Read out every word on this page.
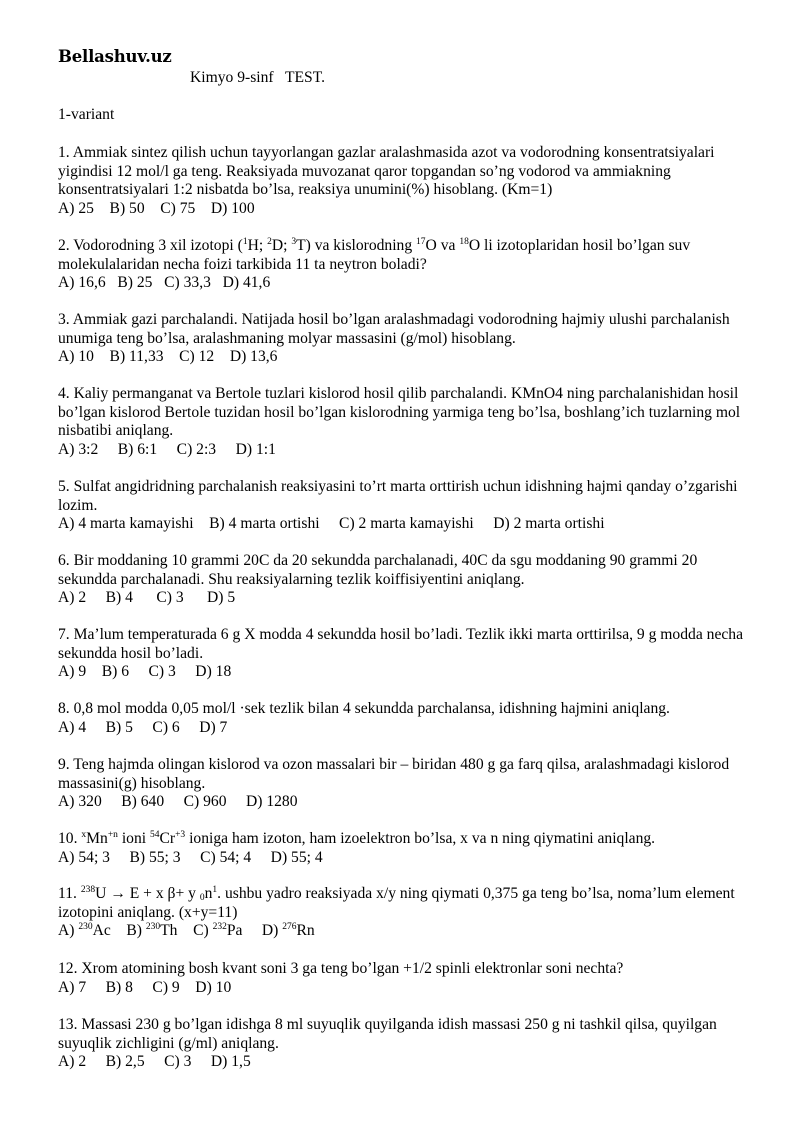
Bellashuv.uz
Kimyo 9-sinf   TEST.
1-variant

1. Ammiak sintez qilish uchun tayyorlangan gazlar aralashmasida azot va vodorodning konsentratsiyalari yigindisi 12 mol/l ga teng. Reaksiyada muvozanat qaror topgandan so’ng vodorod va ammiakning konsentratsiyalari 1:2 nisbatda bo’lsa, reaksiya unumini(%) hisoblang. (Km=1)

A) 25    B) 50    C) 75    D) 100

2. Vodorodning 3 xil izotopi ($^1$H; $^2$D; $^3$T) va kislorodning $^{17}$O va $^{18}$O li izotoplaridan hosil bo’lgan suv molekulalaridan necha foizi tarkibida 11 ta neytron boladi?

A) 16,6   B) 25   C) 33,3   D) 41,6

3. Ammiak gazi parchalandi. Natijada hosil bo’lgan aralashmadagi vodorodning hajmiy ulushi parchalanish unumiga teng bo’lsa, aralashmaning molyar massasini (g/mol) hisoblang.

A) 10    B) 11,33    C) 12    D) 13,6

4. Kaliy permanganat va Bertole tuzlari kislorod hosil qilib parchalandi. KMnO4 ning parchalanishidan hosil bo’lgan kislorod Bertole tuzidan hosil bo’lgan kislorodning yarmiga teng bo’lsa, boshlang’ich tuzlarning mol nisbatibi aniqlang.

A) 3:2     B) 6:1     C) 2:3     D) 1:1

5. Sulfat angidridning parchalanish reaksiyasini to’rt marta orttirish uchun idishning hajmi qanday o’zgarishi lozim.

A) 4 marta kamayishi    B) 4 marta ortishi     C) 2 marta kamayishi     D) 2 marta ortishi

6. Bir moddaning 10 grammi 20C da 20 sekundda parchalanadi, 40C da sgu moddaning 90 grammi 20 sekundda parchalanadi. Shu reaksiyalarning tezlik koiffisiyentini aniqlang.

A) 2     B) 4      C) 3      D) 5

7. Ma’lum temperaturada 6 g X modda 4 sekundda hosil bo’ladi. Tezlik ikki marta orttirilsa, 9 g modda necha sekundda hosil bo’ladi.

A) 9    B) 6     C) 3     D) 18

8. 0,8 mol modda 0,05 mol/l ·sek tezlik bilan 4 sekundda parchalansa, idishning hajmini aniqlang.

A) 4     B) 5     C) 6     D) 7

9. Teng hajmda olingan kislorod va ozon massalari bir – biridan 480 g ga farq qilsa, aralashmadagi kislorod massasini(g) hisoblang.

A) 320     B) 640     C) 960     D) 1280

10. $^xMn^{+n}$ ioni $^{54}Cr^{+3}$ ioniga ham izoton, ham izoelektron bo’lsa, x va n ning qiymatini aniqlang.

A) 54; 3     B) 55; 3     C) 54; 4     D) 55; 4

11. $^{238}$U → E + x β+ y $_0n^1$. ushbu yadro reaksiyada x/y ning qiymati 0,375 ga teng bo’lsa, noma’lum element izotopini aniqlang. (x+y=11)

A) $^{230}$Ac    B) $^{230}$Th    C) $^{232}$Pa     D) $^{276}$Rn

12. Xrom atomining bosh kvant soni 3 ga teng bo’lgan +1/2 spinli elektronlar soni nechta?

A) 7     B) 8     C) 9    D) 10

13. Massasi 230 g bo’lgan idishga 8 ml suyuqlik quyilganda idish massasi 250 g ni tashkil qilsa, quyilgan suyuqlik zichligini (g/ml) aniqlang.

A) 2     B) 2,5     C) 3     D) 1,5
